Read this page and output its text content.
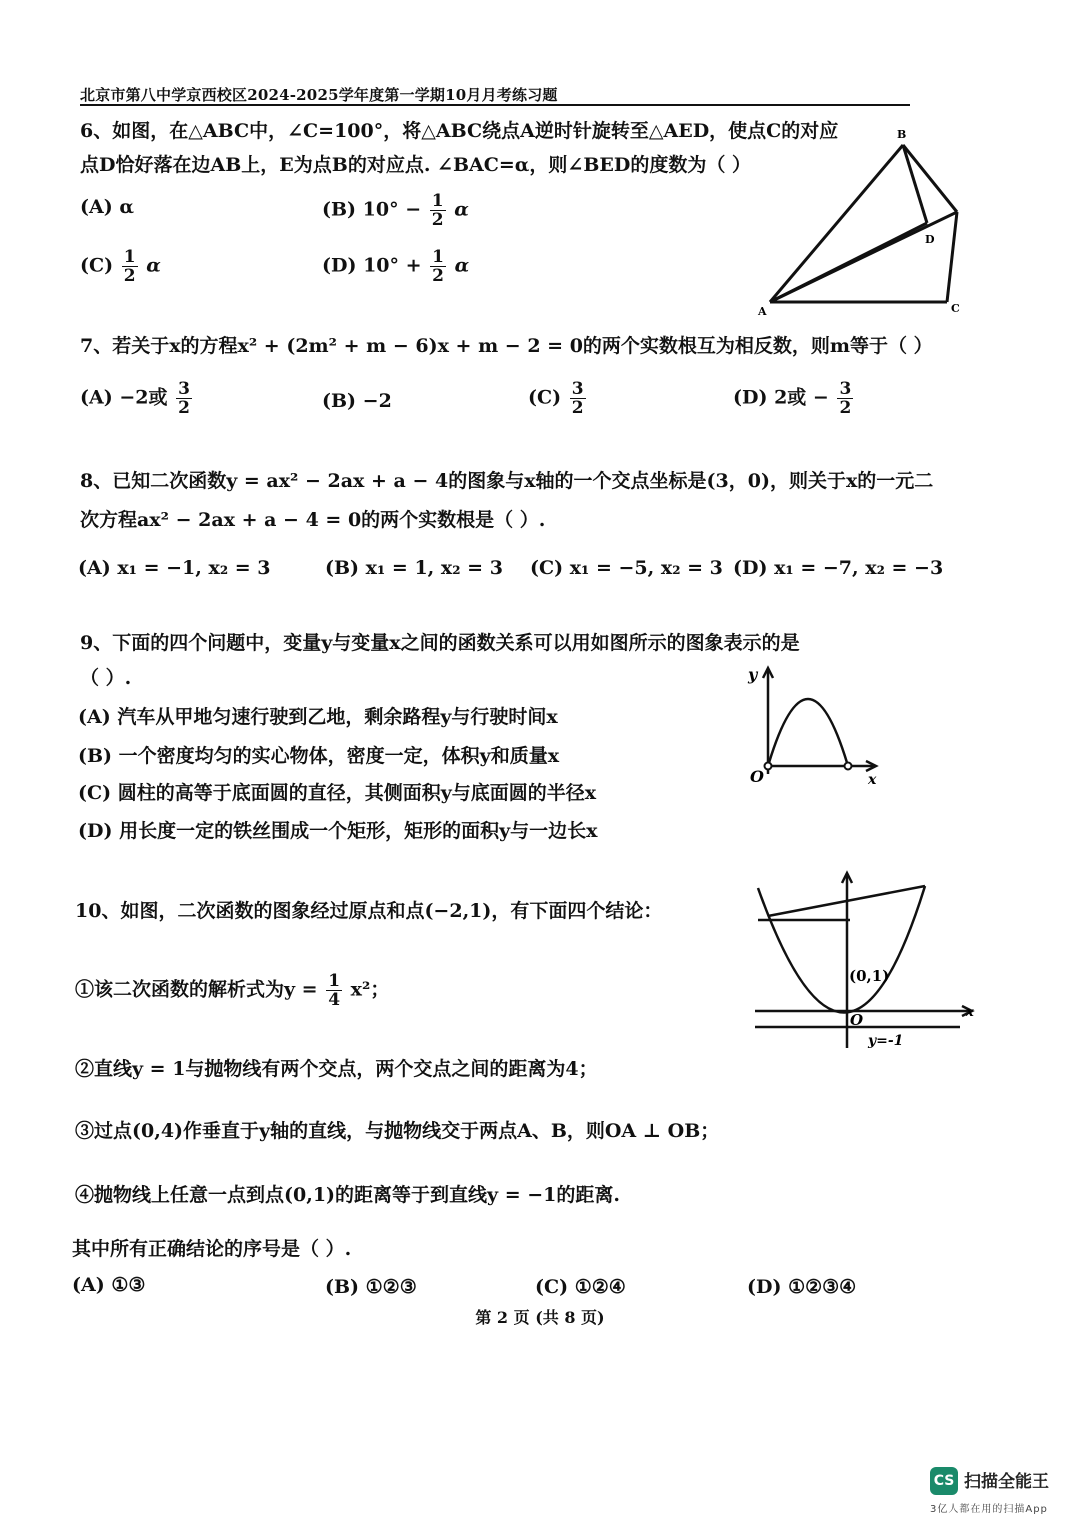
北京市第八中学京西校区2024-2025学年度第一学期10月月考练习题
6、如图，在△ABC中，∠C=100°，将△ABC绕点A逆时针旋转至△AED，使点C的对应
点D恰好落在边AB上，E为点B的对应点. ∠BAC=α，则∠BED的度数为（ ）
(A) α	(B) $10^\circ - \frac{1}{2}$ α
$(C) \frac{1}{2}$ α	(D) $10^\circ + \frac{1}{2}$ α
B
D
A	C
7、若关于x的方程x² + (2m² + m − 6)x + m − 2 = 0的两个实数根互为相反数，则m等于（ ）
(A) −2或 $\frac{3}{2}$	(B) −2	$(C) \frac{3}{2}$	(D) 2或 − $\frac{3}{2}$
8、已知二次函数y = ax² − 2ax + a − 4的图象与x轴的一个交点坐标是(3，0)，则关于x的一元二
次方程ax² − 2ax + a − 4 = 0的两个实数根是（ ）.
(A) x₁ = −1, x₂ = 3	(B) x₁ = 1, x₂ = 3 (C) x₁ = −5, x₂ = 3 (D) x₁ = −7, x₂ = −3
9、下面的四个问题中，变量y与变量x之间的函数关系可以用如图所示的图象表示的是
（ ）.
(A) 汽车从甲地匀速行驶到乙地，剩余路程y与行驶时间x
(B) 一个密度均匀的实心物体，密度一定，体积y和质量x
(C) 圆柱的高等于底面圆的直径，其侧面积y与底面圆的半径x
(D) 用长度一定的铁丝围成一个矩形，矩形的面积y与一边长x
y
O	x
10、如图，二次函数的图象经过原点和点(−2,1)，有下面四个结论：
①该二次函数的解析式为$y = \frac{1}{4} x^2$；
②直线y = 1与抛物线有两个交点，两个交点之间的距离为4；
③过点(0,4)作垂直于y轴的直线，与抛物线交于两点A、B，则OA ⊥ OB；
④抛物线上任意一点到点(0,1)的距离等于到直线y = −1的距离.
其中所有正确结论的序号是（ ）.
(A) ①③	(B) ①②③	(C) ①②④	(D) ①②③④
(0,1)
x
O
y=-1
第 2 页 (共 8 页)
CS 扫描全能王
3亿人都在用的扫描App
